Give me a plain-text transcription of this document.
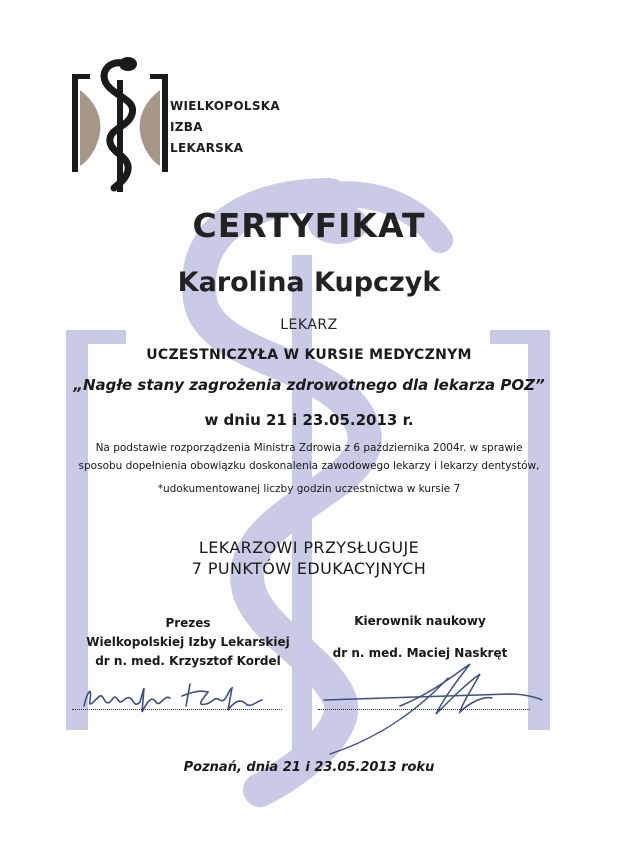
WIELKOPOLSKA
IZBA
LEKARSKA
CERTYFIKAT
Karolina Kupczyk
LEKARZ
UCZESTNICZYŁA W KURSIE MEDYCZNYM
„Nagłe stany zagrożenia zdrowotnego dla lekarza POZ”
w dniu 21 i 23.05.2013 r.
Na podstawie rozporządzenia Ministra Zdrowia z 6 października 2004r. w sprawie
sposobu dopełnienia obowiązku doskonalenia zawodowego lekarzy i lekarzy dentystów,
*udokumentowanej liczby godzin uczestnictwa w kursie 7
LEKARZOWI PRZYSŁUGUJE
7 PUNKTÓW EDUKACYJNYCH
Prezes
Wielkopolskiej Izby Lekarskiej
dr n. med. Krzysztof Kordel
Kierownik naukowy
dr n. med. Maciej Naskręt
Poznań, dnia 21 i 23.05.2013 roku
